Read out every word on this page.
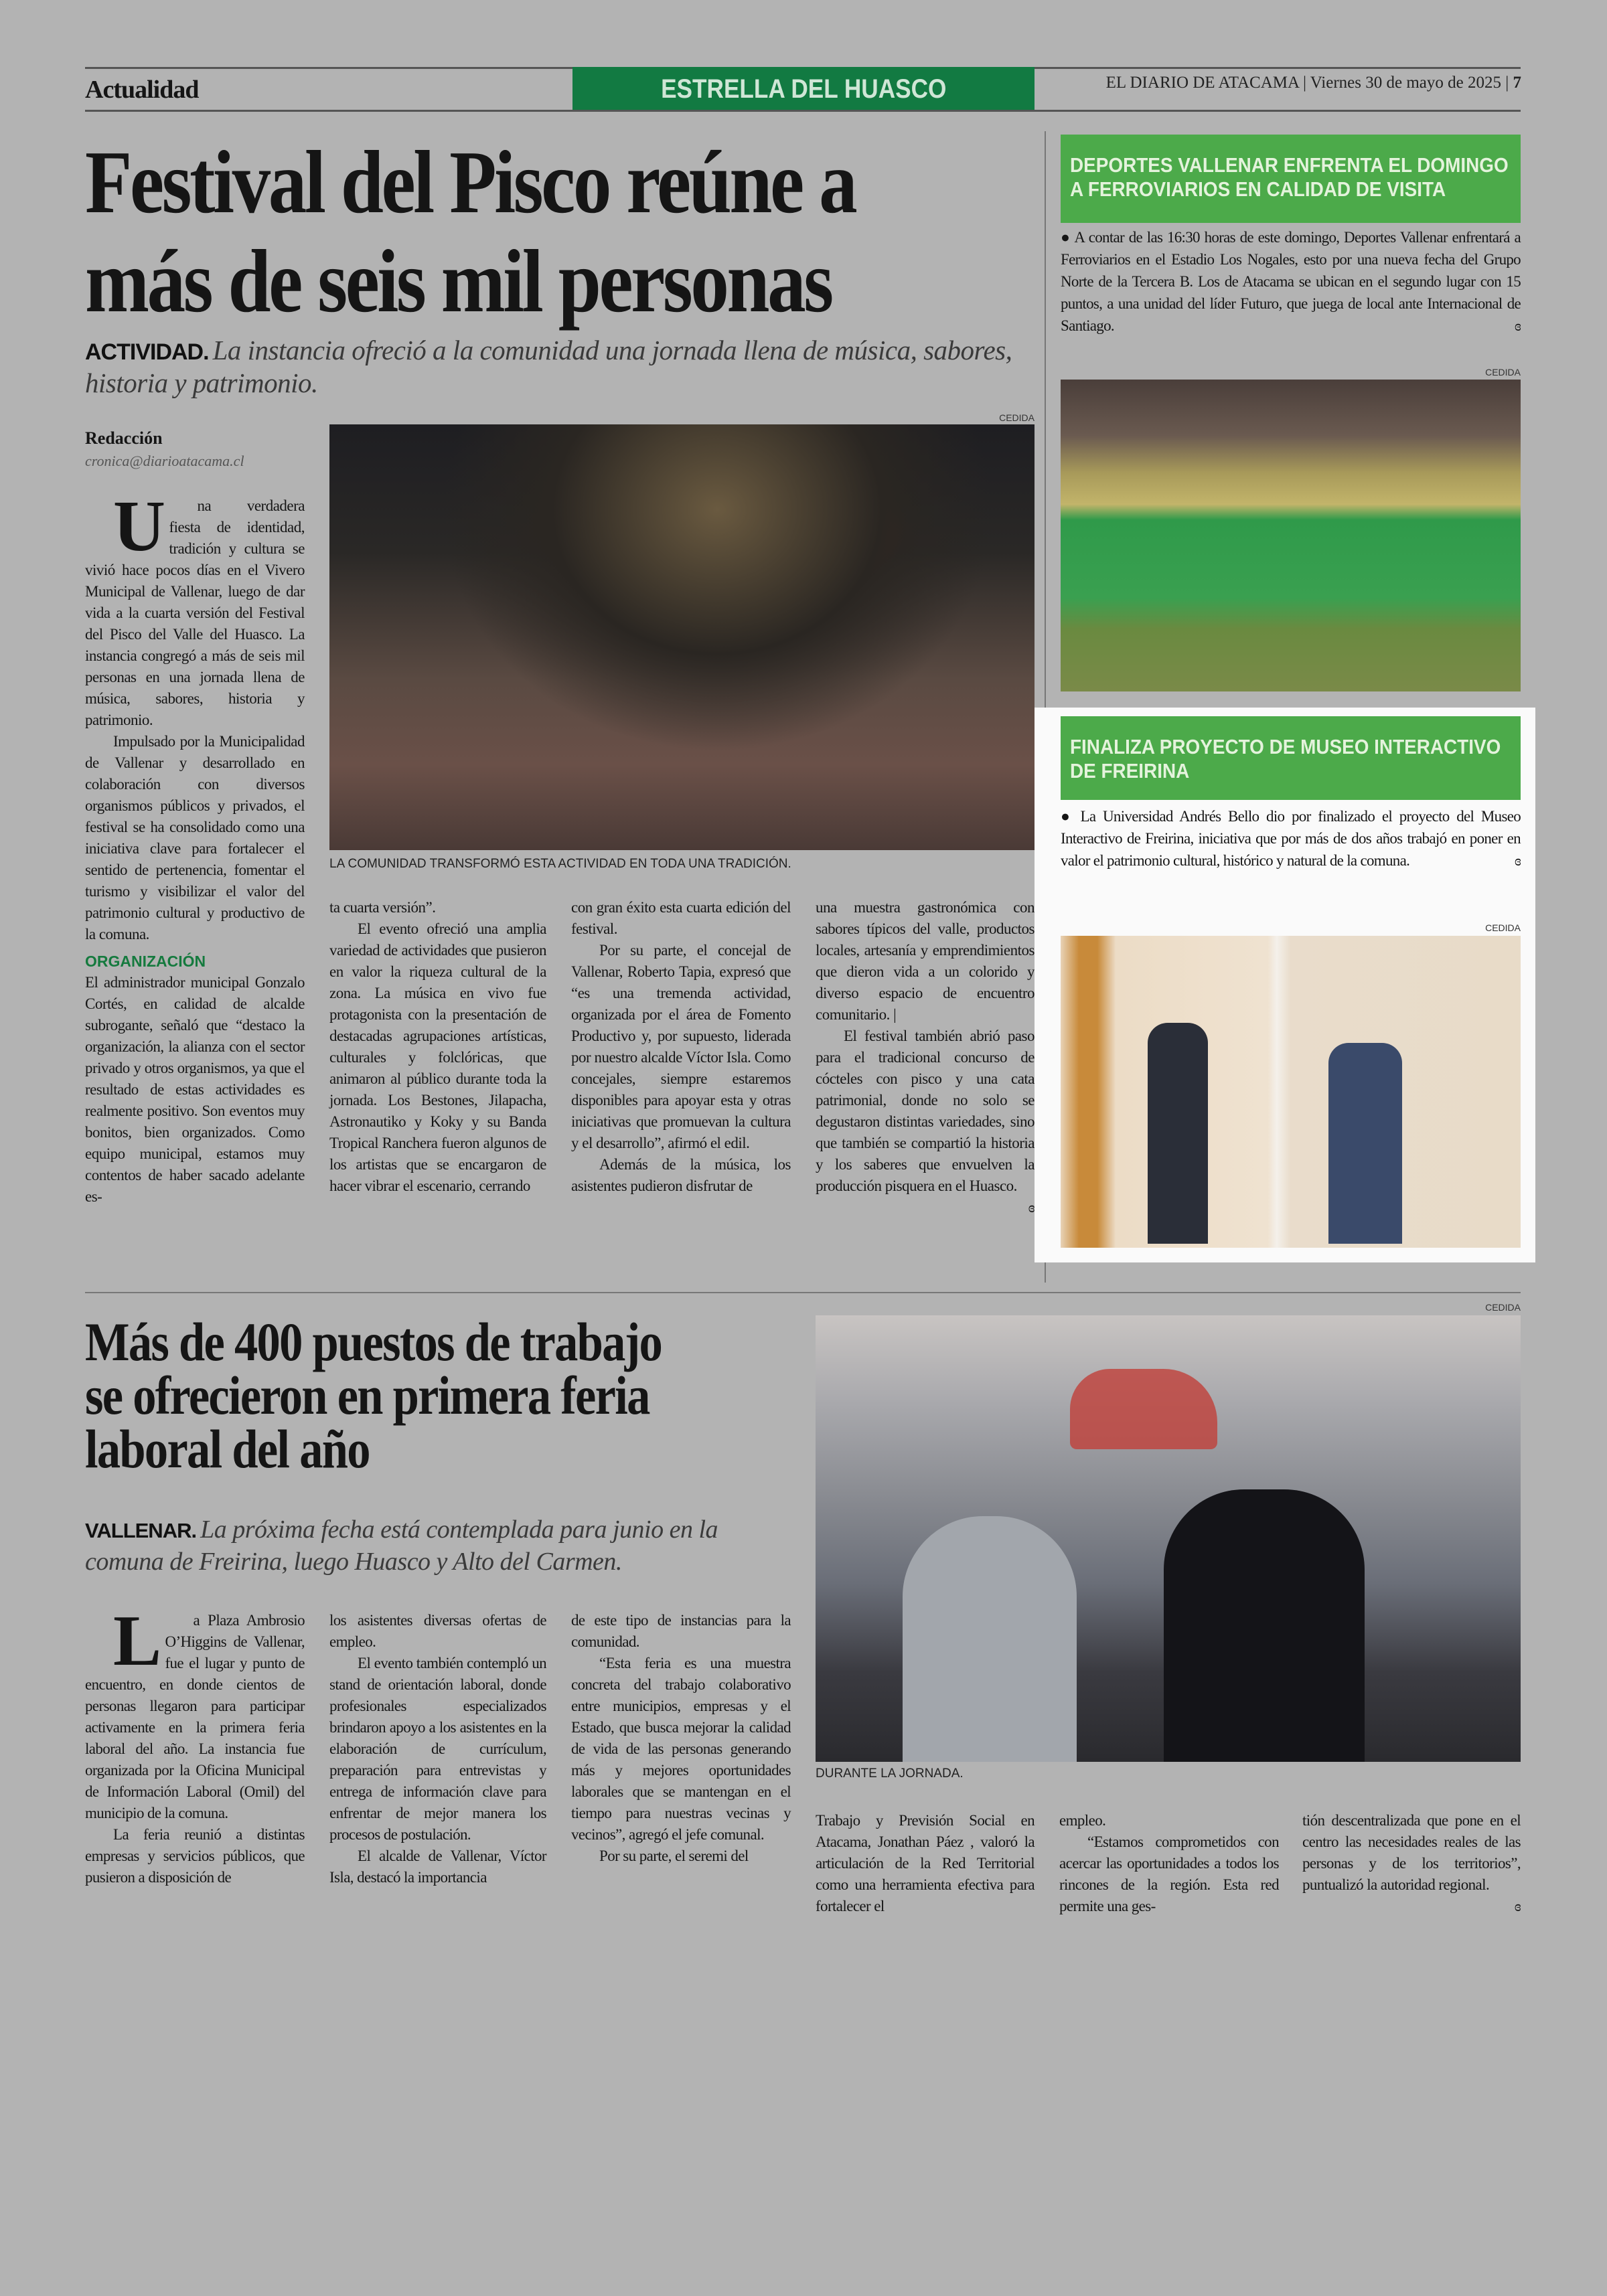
Actualidad	ESTRELLA DEL HUASCO	EL DIARIO DE ATACAMA | Viernes 30 de mayo de 2025 | 7
Festival del Pisco reúne a
más de seis mil personas
ACTIVIDAD. La instancia ofreció a la comunidad una jornada llena de música, sabores, historia y patrimonio.
Redacción
cronica@diarioatacama.cl
CEDIDA
LA COMUNIDAD TRANSFORMÓ ESTA ACTIVIDAD EN TODA UNA TRADICIÓN.

Una verdadera fiesta de identidad, tradición y cultura se vivió hace pocos días en el Vivero Municipal de Vallenar, luego de dar vida a la cuarta versión del Festival del Pisco del Valle del Huasco. La instancia congregó a más de seis mil personas en una jornada llena de música, sabores, historia y patrimonio.

Impulsado por la Municipalidad de Vallenar y desarrollado en colaboración con diversos organismos públicos y privados, el festival se ha consolidado como una iniciativa clave para fortalecer el sentido de pertenencia, fomentar el turismo y visibilizar el valor del patrimonio cultural y productivo de la comuna.

ORGANIZACIÓN

El administrador municipal Gonzalo Cortés, en calidad de alcalde subrogante, señaló que “destaco la organización, la alianza con el sector privado y otros organismos, ya que el resultado de estas actividades es realmente positivo. Son eventos muy bonitos, bien organizados. Como equipo municipal, estamos muy contentos de haber sacado adelante es-

ta cuarta versión”.

El evento ofreció una amplia variedad de actividades que pusieron en valor la riqueza cultural de la zona. La música en vivo fue protagonista con la presentación de destacadas agrupaciones artísticas, culturales y folclóricas, que animaron al público durante toda la jornada. Los Bestones, Jilapacha, Astronautiko y Koky y su Banda Tropical Ranchera fueron algunos de los artistas que se encargaron de hacer vibrar el escenario, cerrando

con gran éxito esta cuarta edición del festival.

Por su parte, el concejal de Vallenar, Roberto Tapia, expresó que “es una tremenda actividad, organizada por el área de Fomento Productivo y, por supuesto, liderada por nuestro alcalde Víctor Isla. Como concejales, siempre estaremos disponibles para apoyar esta y otras iniciativas que promuevan la cultura y el desarrollo”, afirmó el edil.

Además de la música, los asistentes pudieron disfrutar de

una muestra gastronómica con sabores típicos del valle, productos locales, artesanía y emprendimientos que dieron vida a un colorido y diverso espacio de encuentro comunitario. |

El festival también abrió paso para el tradicional concurso de cócteles con pisco y una cata patrimonial, donde no solo se degustaron distintas variedades, sino que también se compartió la historia y los saberes que envuelven la producción pisquera en el Huasco.

ɞ
DEPORTES VALLENAR ENFRENTA EL DOMINGO
A FERROVIARIOS EN CALIDAD DE VISITA
● A contar de las 16:30 horas de este domingo, Deportes Vallenar enfrentará a Ferroviarios en el Estadio Los Nogales, esto por una nueva fecha del Grupo Norte de la Tercera B. Los de Atacama se ubican en el segundo lugar con 15 puntos, a una unidad del líder Futuro, que juega de local ante Internacional de Santiago.	ɞ
CEDIDA
FINALIZA PROYECTO DE MUSEO INTERACTIVO
DE FREIRINA
● La Universidad Andrés Bello dio por finalizado el proyecto del Museo Interactivo de Freirina, iniciativa que por más de dos años trabajó en poner en valor el patrimonio cultural, histórico y natural de la comuna.	ɞ
CEDIDA
Más de 400 puestos de trabajo
se ofrecieron en primera feria
laboral del año
VALLENAR. La próxima fecha está contemplada para junio en la comuna de Freirina, luego Huasco y Alto del Carmen.
CEDIDA
DURANTE LA JORNADA.

La Plaza Ambrosio O’Higgins de Vallenar, fue el lugar y punto de encuentro, en donde cientos de personas llegaron para participar activamente en la primera feria laboral del año. La instancia fue organizada por la Oficina Municipal de Información Laboral (Omil) del municipio de la comuna.

La feria reunió a distintas empresas y servicios públicos, que pusieron a disposición de

los asistentes diversas ofertas de empleo.

El evento también contempló un stand de orientación laboral, donde profesionales especializados brindaron apoyo a los asistentes en la elaboración de currículum, preparación para entrevistas y entrega de información clave para enfrentar de mejor manera los procesos de postulación.

El alcalde de Vallenar, Víctor Isla, destacó la importancia

de este tipo de instancias para la comunidad.

“Esta feria es una muestra concreta del trabajo colaborativo entre municipios, empresas y el Estado, que busca mejorar la calidad de vida de las personas generando más y mejores oportunidades laborales que se mantengan en el tiempo para nuestras vecinas y vecinos”, agregó el jefe comunal.

Por su parte, el seremi del

Trabajo y Previsión Social en Atacama, Jonathan Páez , valoró la articulación de la Red Territorial como una herramienta efectiva para fortalecer el

empleo.

“Estamos comprometidos con acercar las oportunidades a todos los rincones de la región. Esta red permite una ges-

tión descentralizada que pone en el centro las necesidades reales de las personas y de los territorios”, puntualizó la autoridad regional.

ɞ
